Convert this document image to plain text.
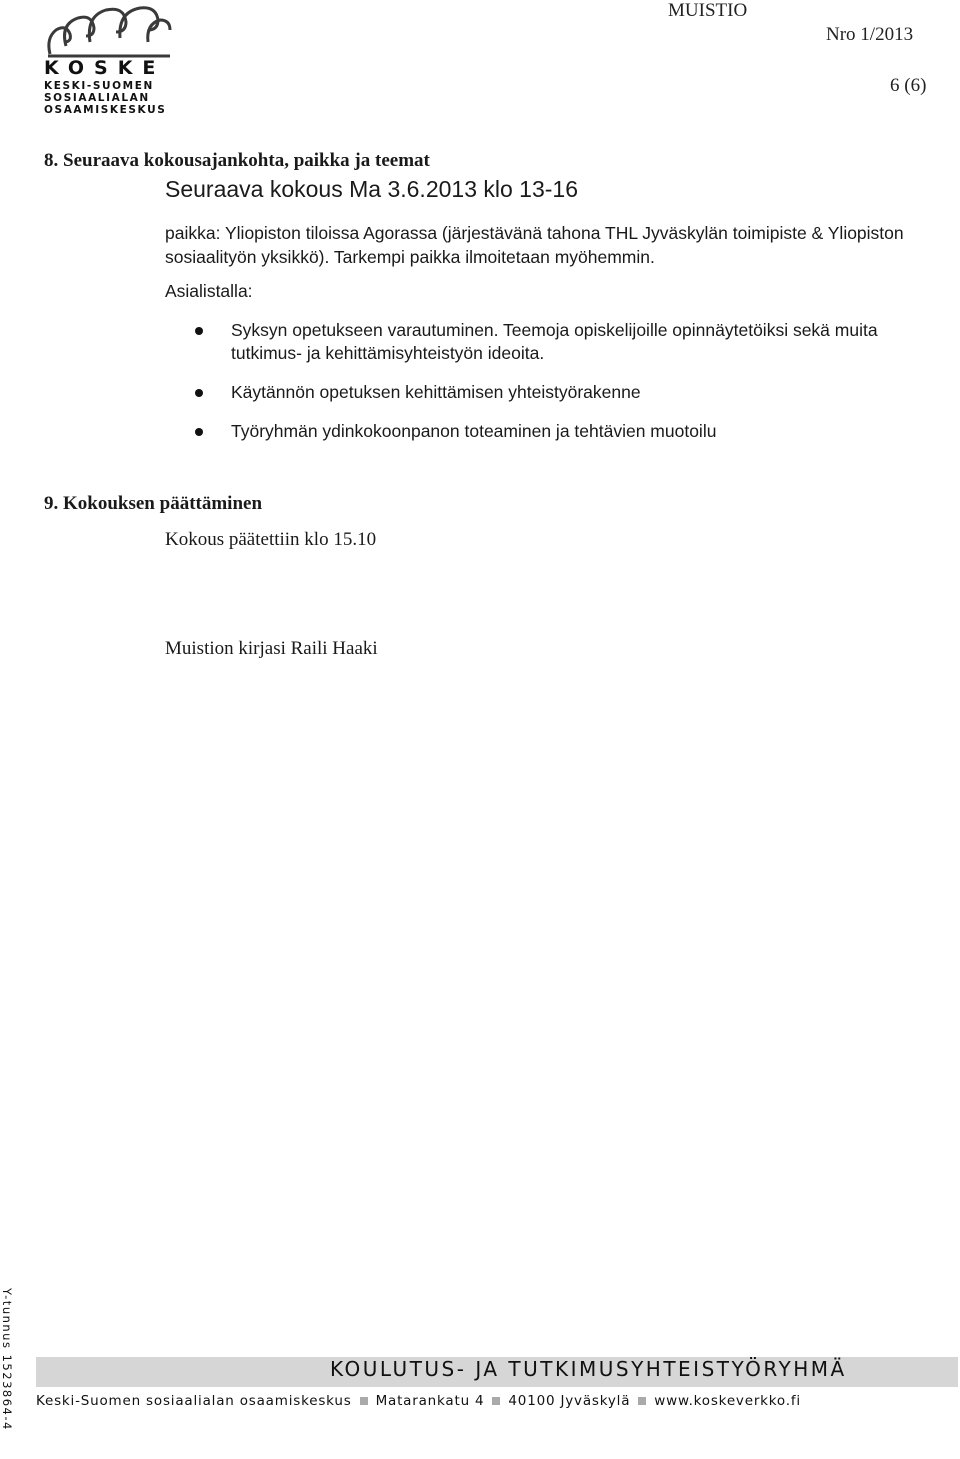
KOSKE
KESKI-SUOMEN
SOSIAALIALAN
OSAAMISKESKUS
MUISTIO
Nro 1/2013
6 (6)
8. Seuraava kokousajankohta, paikka ja teemat
Seuraava kokous Ma 3.6.2013 klo 13-16
paikka: Yliopiston tiloissa Agorassa (järjestävänä tahona THL Jyväskylän toimipiste & Yliopiston sosiaalityön yksikkö). Tarkempi paikka ilmoitetaan myöhemmin.
Asialistalla:
Syksyn opetukseen varautuminen. Teemoja opiskelijoille opinnäytetöiksi sekä muita tutkimus- ja kehittämisyhteistyön ideoita.
Käytännön opetuksen kehittämisen yhteistyörakenne
Työryhmän ydinkokoonpanon toteaminen ja tehtävien muotoilu
9. Kokouksen päättäminen
Kokous päätettiin klo 15.10
Muistion kirjasi Raili Haaki
Y-tunnus 1523864-4	KOULUTUS- JA TUTKIMUSYHTEISTYÖRYHMÄ
Keski-Suomen sosiaalialan osaamiskeskus Matarankatu 4 40100 Jyväskylä www.koskeverkko.fi
